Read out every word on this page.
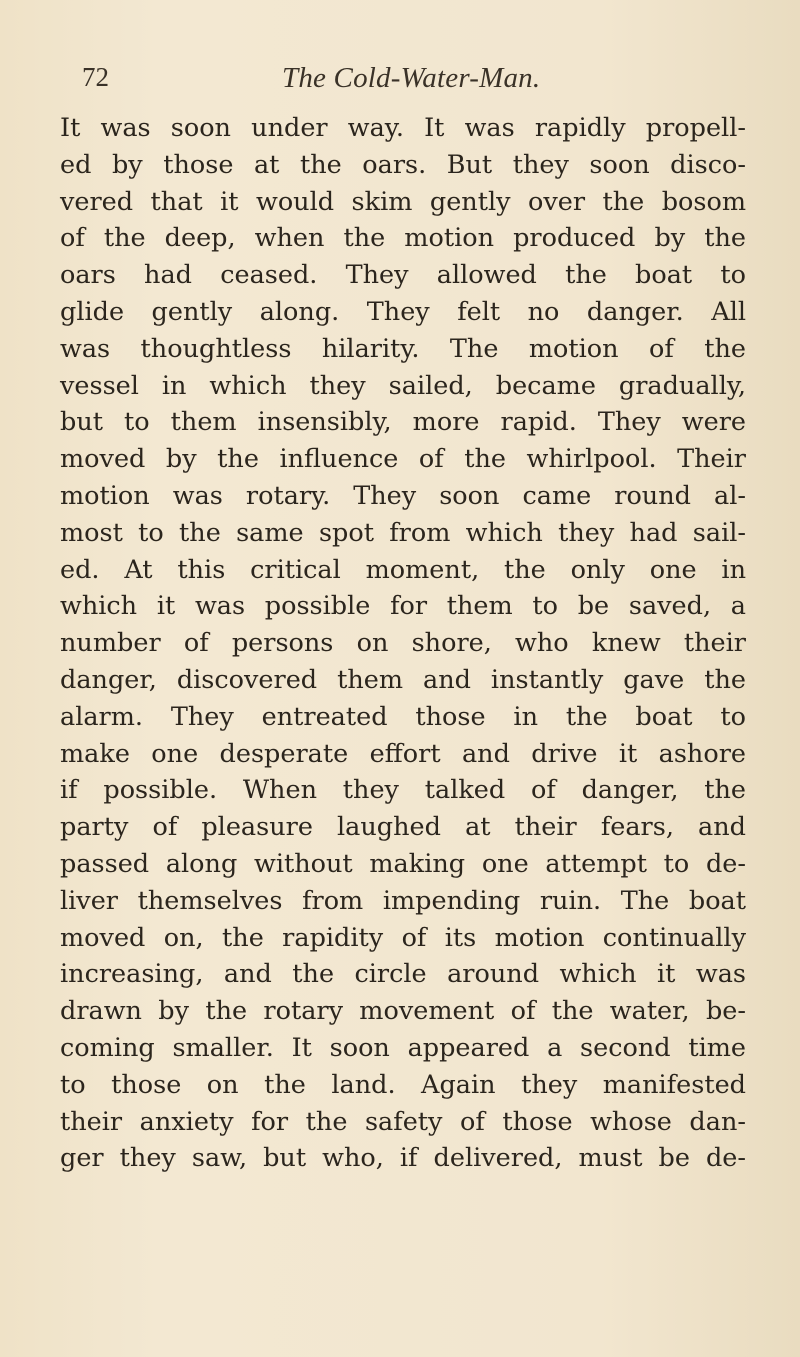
72	The Cold-Water-Man.
It was soon under way. It was rapidly propell-
ed by those at the oars. But they soon disco-
vered that it would skim gently over the bosom
of the deep, when the motion produced by the
oars had ceased. They allowed the boat to
glide gently along. They felt no danger. All
was thoughtless hilarity. The motion of the
vessel in which they sailed, became gradually,
but to them insensibly, more rapid. They were
moved by the influence of the whirlpool. Their
motion was rotary. They soon came round al-
most to the same spot from which they had sail-
ed. At this critical moment, the only one in
which it was possible for them to be saved, a
number of persons on shore, who knew their
danger, discovered them and instantly gave the
alarm. They entreated those in the boat to
make one desperate effort and drive it ashore
if possible. When they talked of danger, the
party of pleasure laughed at their fears, and
passed along without making one attempt to de-
liver themselves from impending ruin. The boat
moved on, the rapidity of its motion continually
increasing, and the circle around which it was
drawn by the rotary movement of the water, be-
coming smaller. It soon appeared a second time
to those on the land. Again they manifested
their anxiety for the safety of those whose dan-
ger they saw, but who, if delivered, must be de-
